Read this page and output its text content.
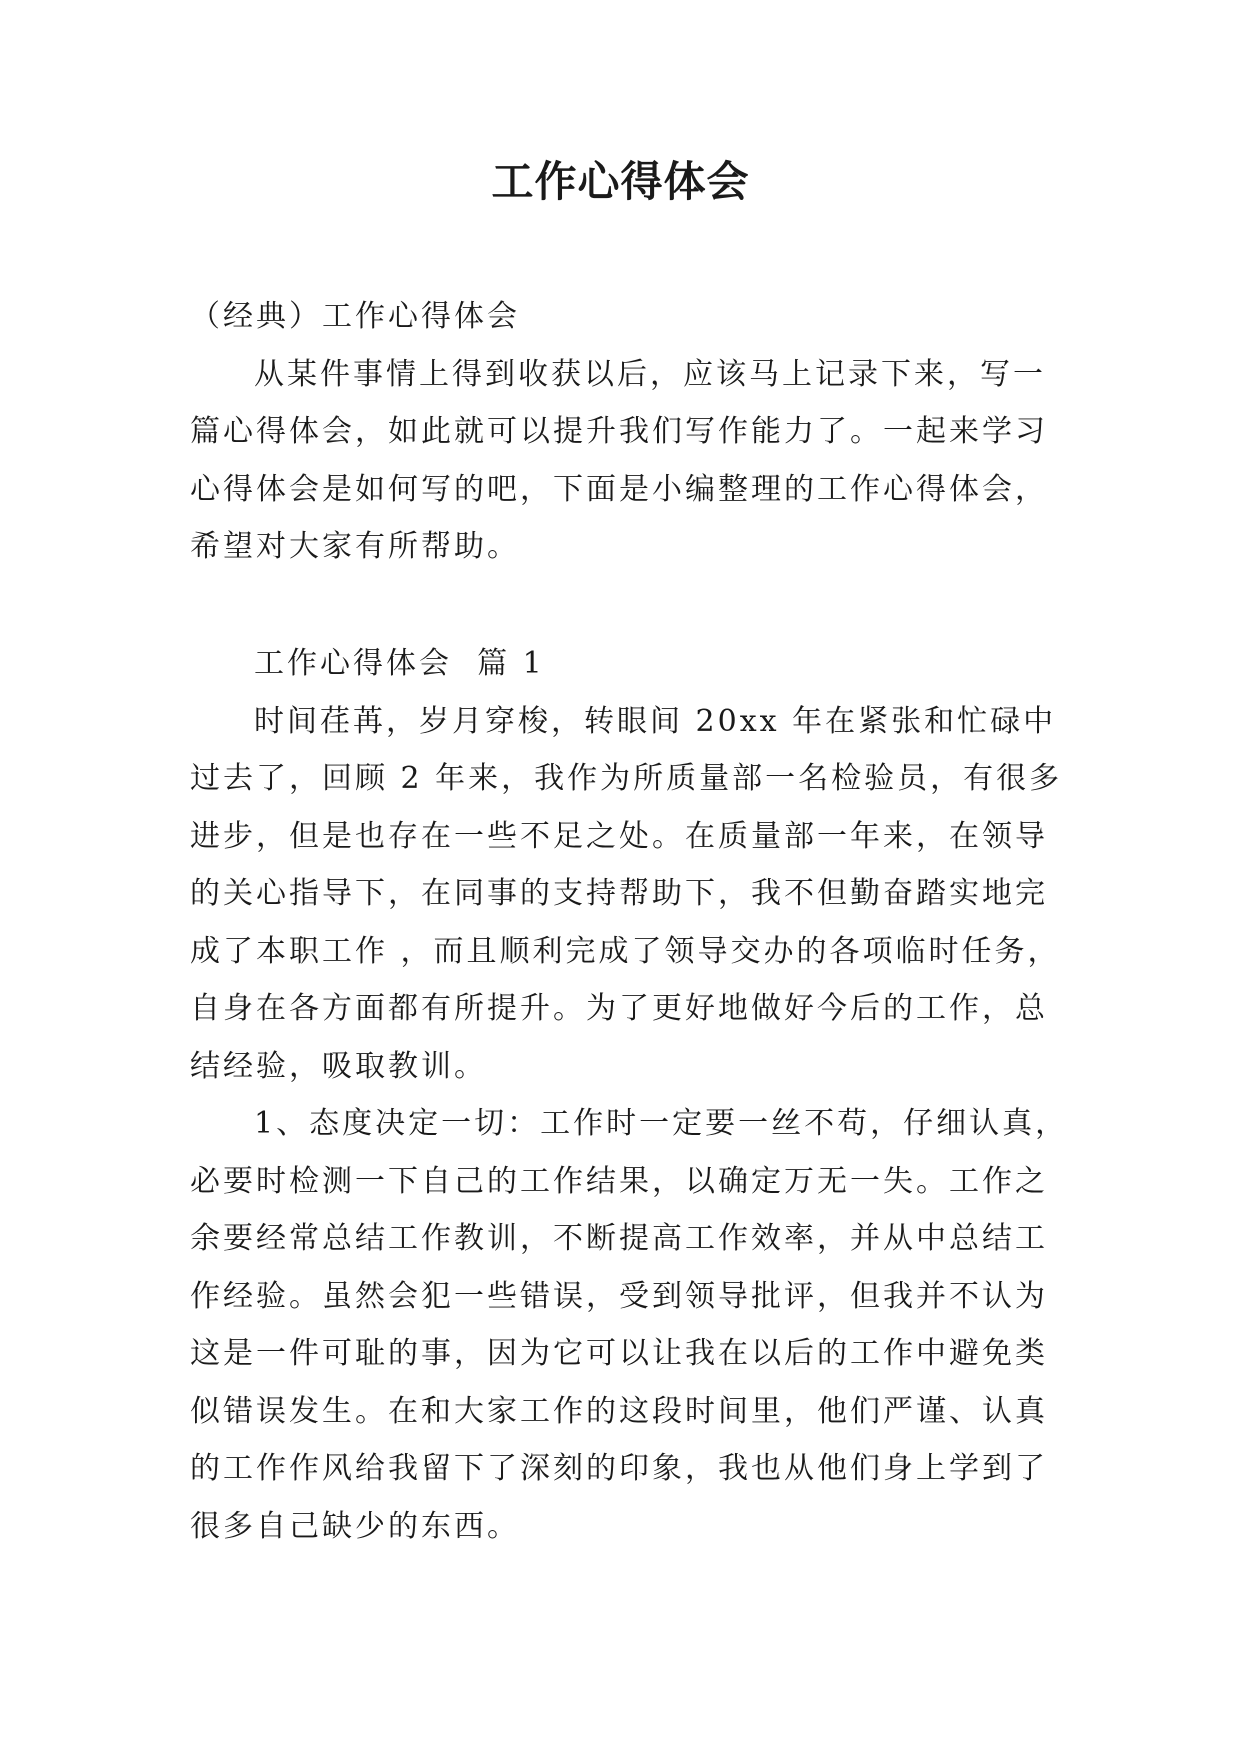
工作心得体会
（经典）工作心得体会
从某件事情上得到收获以后，应该马上记录下来，写一
篇心得体会，如此就可以提升我们写作能力了。一起来学习
心得体会是如何写的吧，下面是小编整理的工作心得体会，
希望对大家有所帮助。
工作心得体会  篇 1
时间荏苒，岁月穿梭，转眼间 20xx 年在紧张和忙碌中
过去了，回顾 2 年来，我作为所质量部一名检验员，有很多
进步，但是也存在一些不足之处。在质量部一年来，在领导
的关心指导下，在同事的支持帮助下，我不但勤奋踏实地完
成了本职工作 ，而且顺利完成了领导交办的各项临时任务，
自身在各方面都有所提升。为了更好地做好今后的工作，总
结经验，吸取教训。
1、态度决定一切：工作时一定要一丝不苟，仔细认真，
必要时检测一下自己的工作结果，以确定万无一失。工作之
余要经常总结工作教训，不断提高工作效率，并从中总结工
作经验。虽然会犯一些错误，受到领导批评，但我并不认为
这是一件可耻的事，因为它可以让我在以后的工作中避免类
似错误发生。在和大家工作的这段时间里，他们严谨、认真
的工作作风给我留下了深刻的印象，我也从他们身上学到了
很多自己缺少的东西。
